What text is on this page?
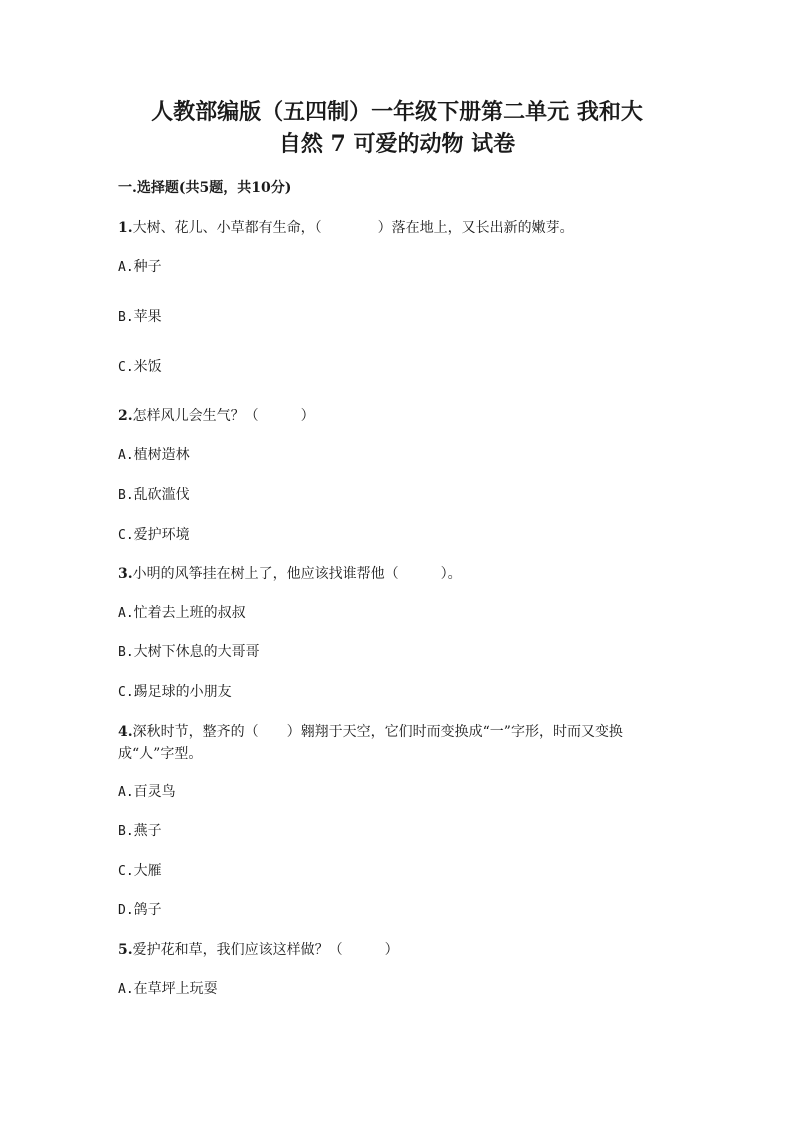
人教部编版（五四制）一年级下册第二单元 我和大
自然 7 可爱的动物 试卷

一.选择题(共5题，共10分)

1.大树、花儿、小草都有生命，（　　　　）落在地上，又长出新的嫩芽。

A.种子

B.苹果

C.米饭

2.怎样风儿会生气？（　　　）

A.植树造林

B.乱砍滥伐

C.爱护环境

3.小明的风筝挂在树上了，他应该找谁帮他（　　　）。

A.忙着去上班的叔叔

B.大树下休息的大哥哥

C.踢足球的小朋友

4.深秋时节，整齐的（　　）翱翔于天空，它们时而变换成“一”字形，时而又变换成“人”字型。

A.百灵鸟

B.燕子

C.大雁

D.鸽子

5.爱护花和草，我们应该这样做？（　　　）

A.在草坪上玩耍
